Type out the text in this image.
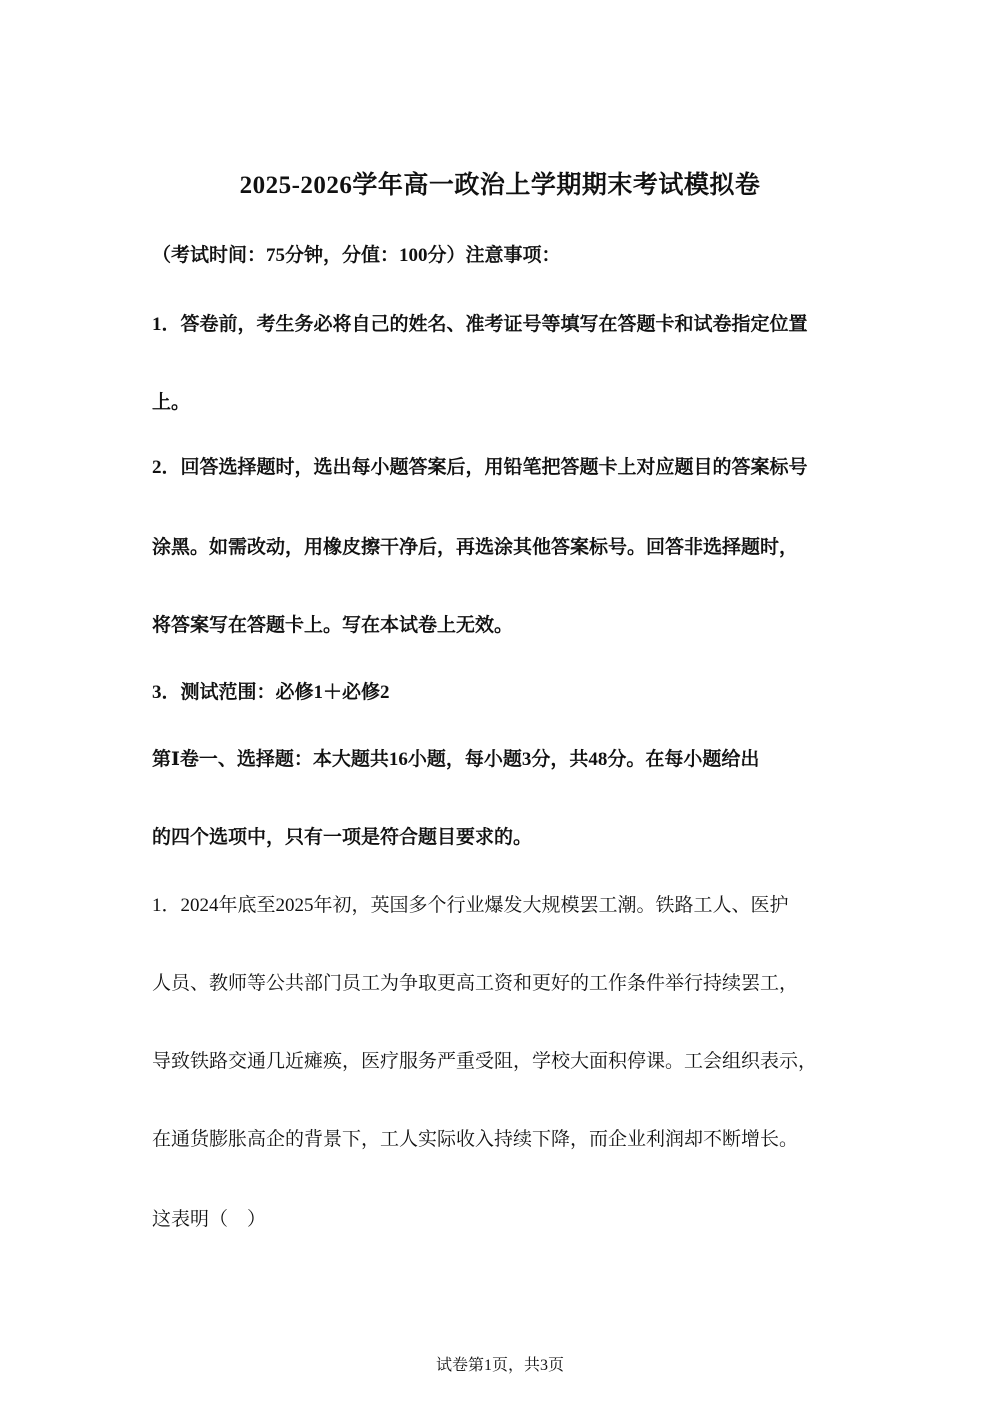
2025-2026学年高一政治上学期期末考试模拟卷
（考试时间：75分钟，分值：100分）注意事项：
1．答卷前，考生务必将自己的姓名、准考证号等填写在答题卡和试卷指定位置
上。
2．回答选择题时，选出每小题答案后，用铅笔把答题卡上对应题目的答案标号
涂黑。如需改动，用橡皮擦干净后，再选涂其他答案标号。回答非选择题时，
将答案写在答题卡上。写在本试卷上无效。
3．测试范围：必修1＋必修2
第Ⅰ卷一、选择题：本大题共16小题，每小题3分，共48分。在每小题给出
的四个选项中，只有一项是符合题目要求的。
1．2024年底至2025年初，英国多个行业爆发大规模罢工潮。铁路工人、医护
人员、教师等公共部门员工为争取更高工资和更好的工作条件举行持续罢工，
导致铁路交通几近瘫痪，医疗服务严重受阻，学校大面积停课。工会组织表示，
在通货膨胀高企的背景下，工人实际收入持续下降，而企业利润却不断增长。
这表明（　）
试卷第1页，共3页
